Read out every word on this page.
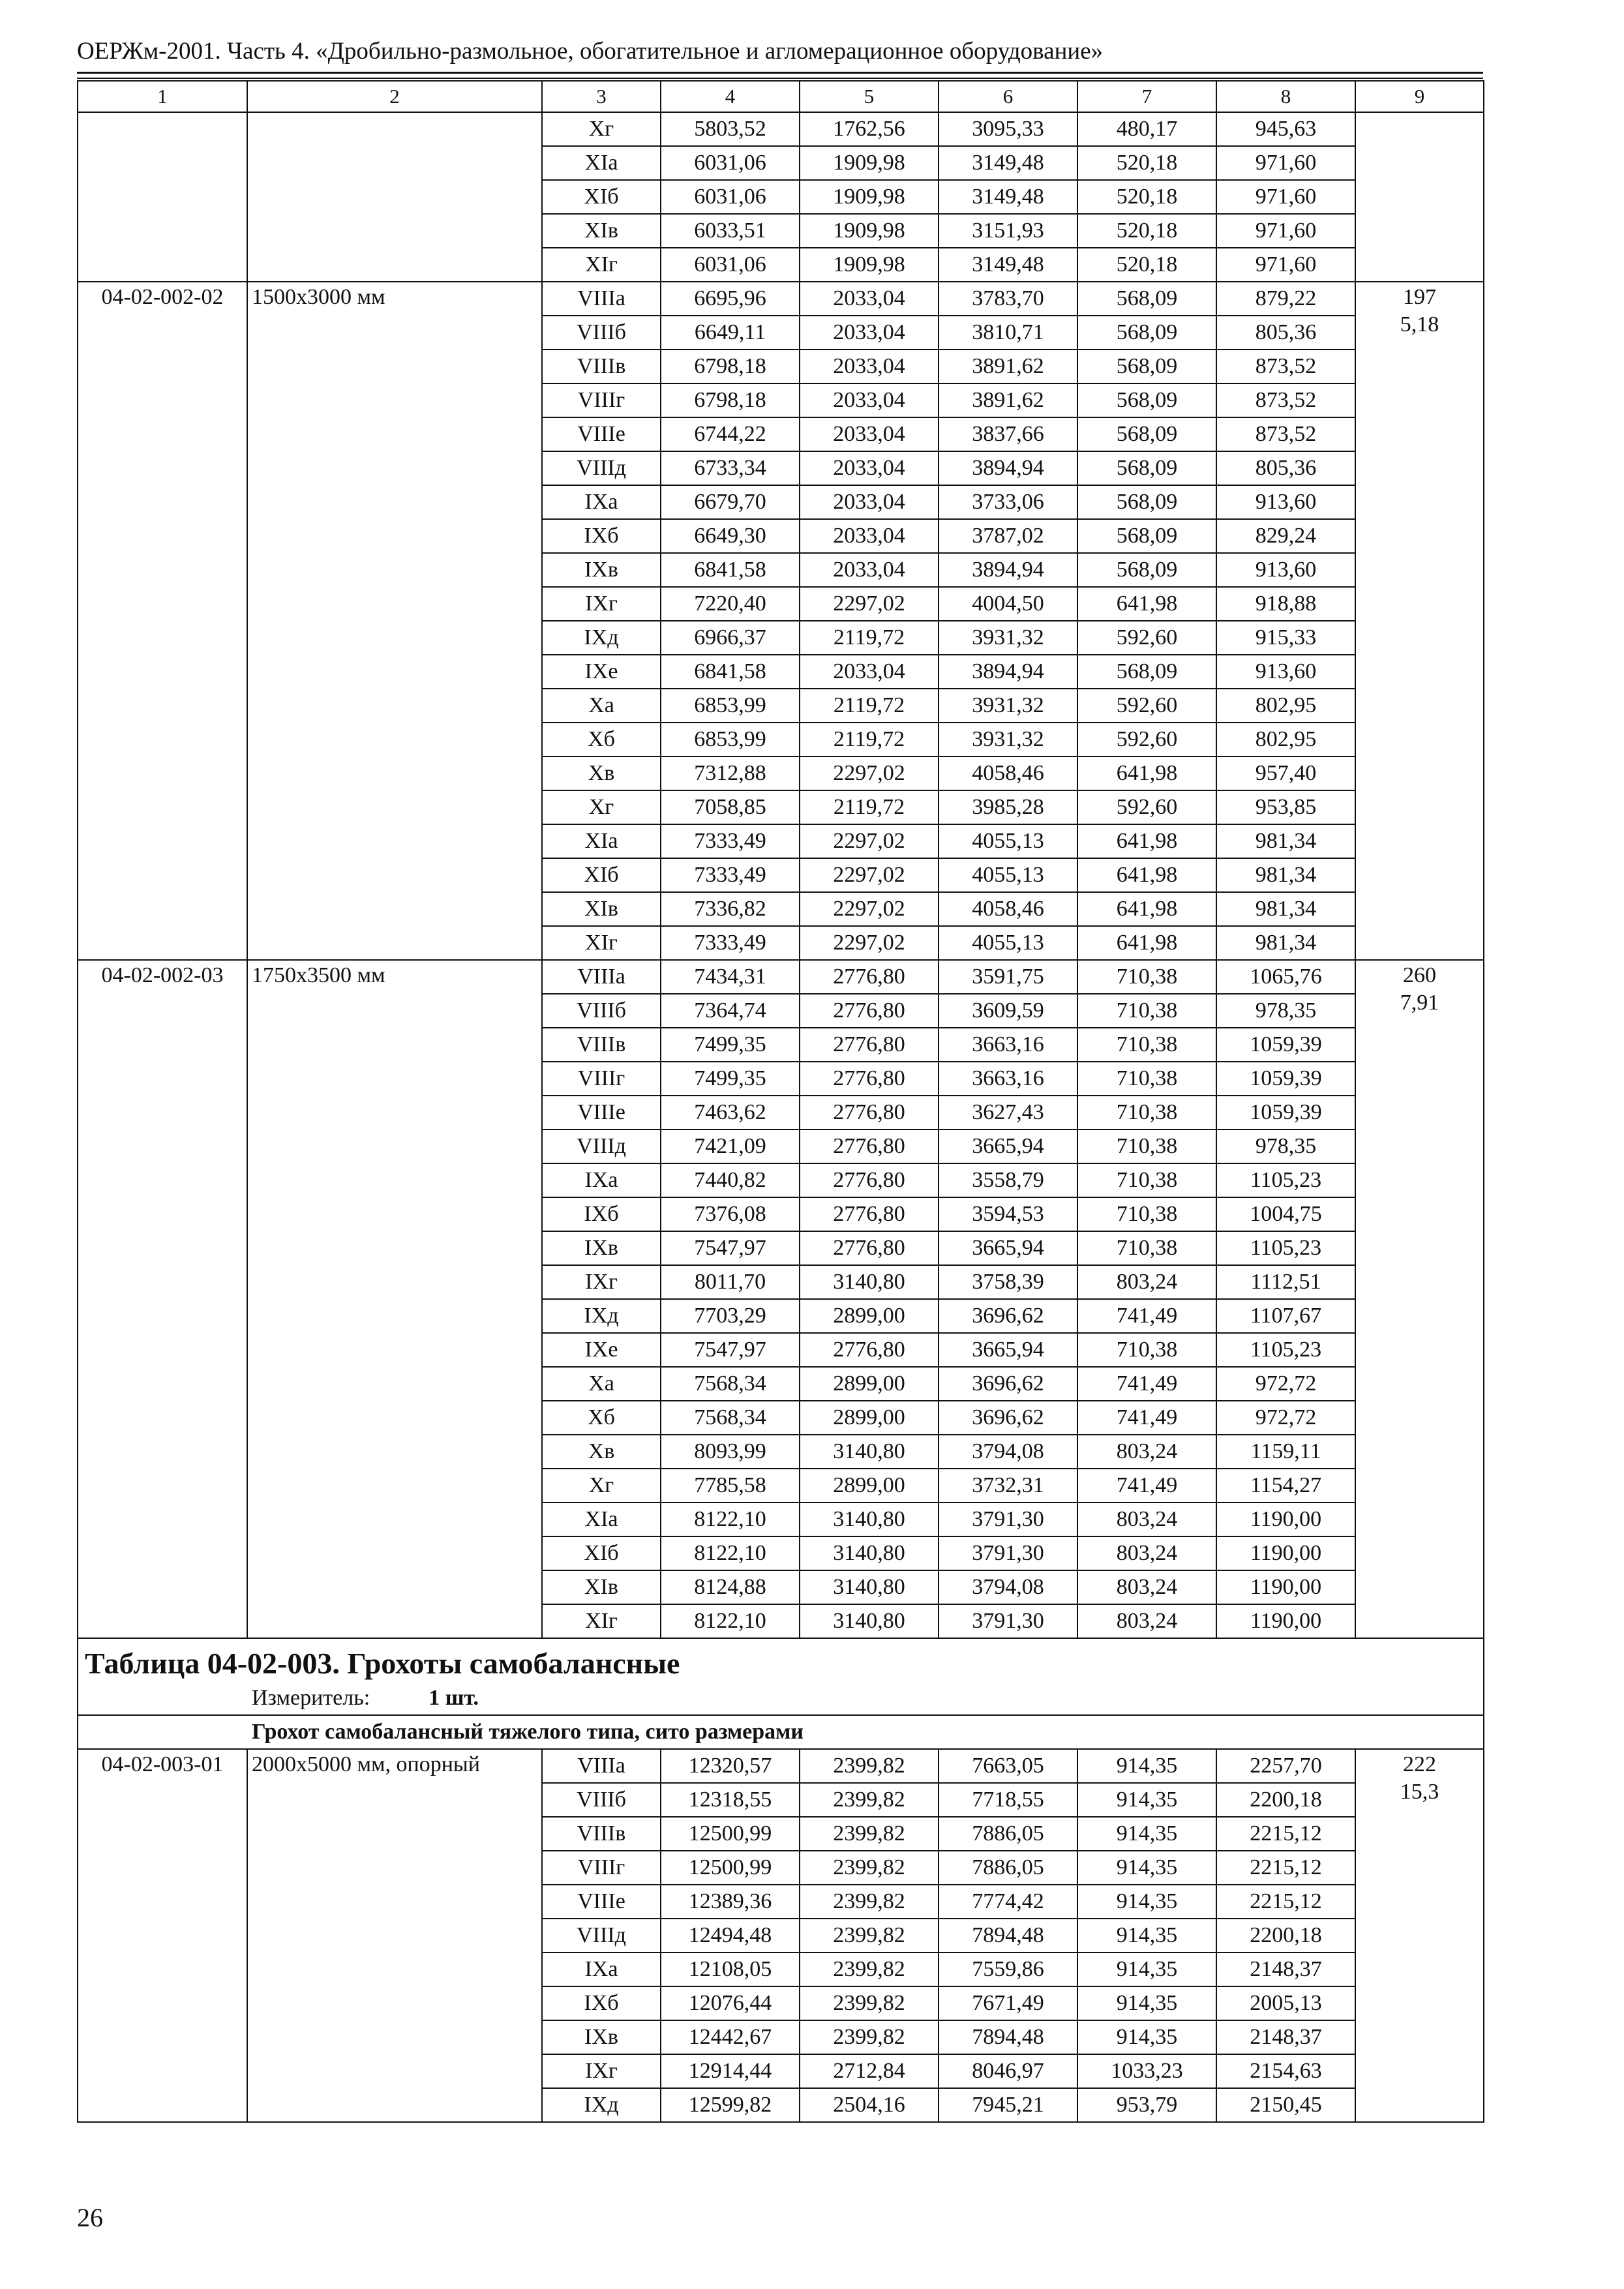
ОЕРЖм-2001. Часть 4. «Дробильно-размольное, обогатительное и агломерационное оборудование»
1	2	3	4	5	6	7	8	9
		Xг	5803,52	1762,56	3095,33	480,17	945,63	

		XIa	6031,06	1909,98	3149,48	520,18	971,60	
		XIб	6031,06	1909,98	3149,48	520,18	971,60	
		XIв	6033,51	1909,98	3151,93	520,18	971,60	
		XIг	6031,06	1909,98	3149,48	520,18	971,60	
04-02-002-02	1500x3000 мм	VIIIa	6695,96	2033,04	3783,70	568,09	879,22	197
5,18

		VIIIб	6649,11	2033,04	3810,71	568,09	805,36	
		VIIIв	6798,18	2033,04	3891,62	568,09	873,52	
		VIIIг	6798,18	2033,04	3891,62	568,09	873,52	
		VIIIe	6744,22	2033,04	3837,66	568,09	873,52	
		VIIIд	6733,34	2033,04	3894,94	568,09	805,36	
		IXa	6679,70	2033,04	3733,06	568,09	913,60	
		IXб	6649,30	2033,04	3787,02	568,09	829,24	
		IXв	6841,58	2033,04	3894,94	568,09	913,60	
		IXг	7220,40	2297,02	4004,50	641,98	918,88	
		IXд	6966,37	2119,72	3931,32	592,60	915,33	
		IXe	6841,58	2033,04	3894,94	568,09	913,60	
		Xa	6853,99	2119,72	3931,32	592,60	802,95	
		Xб	6853,99	2119,72	3931,32	592,60	802,95	
		Xв	7312,88	2297,02	4058,46	641,98	957,40	
		Xг	7058,85	2119,72	3985,28	592,60	953,85	
		XIa	7333,49	2297,02	4055,13	641,98	981,34	
		XIб	7333,49	2297,02	4055,13	641,98	981,34	
		XIв	7336,82	2297,02	4058,46	641,98	981,34	
		XIг	7333,49	2297,02	4055,13	641,98	981,34	
04-02-002-03	1750x3500 мм	VIIIa	7434,31	2776,80	3591,75	710,38	1065,76	260
7,91

		VIIIб	7364,74	2776,80	3609,59	710,38	978,35	
		VIIIв	7499,35	2776,80	3663,16	710,38	1059,39	
		VIIIг	7499,35	2776,80	3663,16	710,38	1059,39	
		VIIIe	7463,62	2776,80	3627,43	710,38	1059,39	
		VIIIд	7421,09	2776,80	3665,94	710,38	978,35	
		IXa	7440,82	2776,80	3558,79	710,38	1105,23	
		IXб	7376,08	2776,80	3594,53	710,38	1004,75	
		IXв	7547,97	2776,80	3665,94	710,38	1105,23	
		IXг	8011,70	3140,80	3758,39	803,24	1112,51	
		IXд	7703,29	2899,00	3696,62	741,49	1107,67	
		IXe	7547,97	2776,80	3665,94	710,38	1105,23	
		Xa	7568,34	2899,00	3696,62	741,49	972,72	
		Xб	7568,34	2899,00	3696,62	741,49	972,72	
		Xв	8093,99	3140,80	3794,08	803,24	1159,11	
		Xг	7785,58	2899,00	3732,31	741,49	1154,27	
		XIa	8122,10	3140,80	3791,30	803,24	1190,00	
		XIб	8122,10	3140,80	3791,30	803,24	1190,00	
		XIв	8124,88	3140,80	3794,08	803,24	1190,00	
		XIг	8122,10	3140,80	3791,30	803,24	1190,00	
Таблица 04-02-003. Грохоты самобалансные								
Измеритель: 1 шт.								
Грохот самобалансный тяжелого типа, сито размерами								
04-02-003-01	2000x5000 мм, опорный	VIIIa	12320,57	2399,82	7663,05	914,35	2257,70	222
15,3

		VIIIб	12318,55	2399,82	7718,55	914,35	2200,18	
		VIIIв	12500,99	2399,82	7886,05	914,35	2215,12	
		VIIIг	12500,99	2399,82	7886,05	914,35	2215,12	
		VIIIe	12389,36	2399,82	7774,42	914,35	2215,12	
		VIIIд	12494,48	2399,82	7894,48	914,35	2200,18	
		IXa	12108,05	2399,82	7559,86	914,35	2148,37	
		IXб	12076,44	2399,82	7671,49	914,35	2005,13	
		IXв	12442,67	2399,82	7894,48	914,35	2148,37	
		IXг	12914,44	2712,84	8046,97	1033,23	2154,63	
		IXд	12599,82	2504,16	7945,21	953,79	2150,45	
26
